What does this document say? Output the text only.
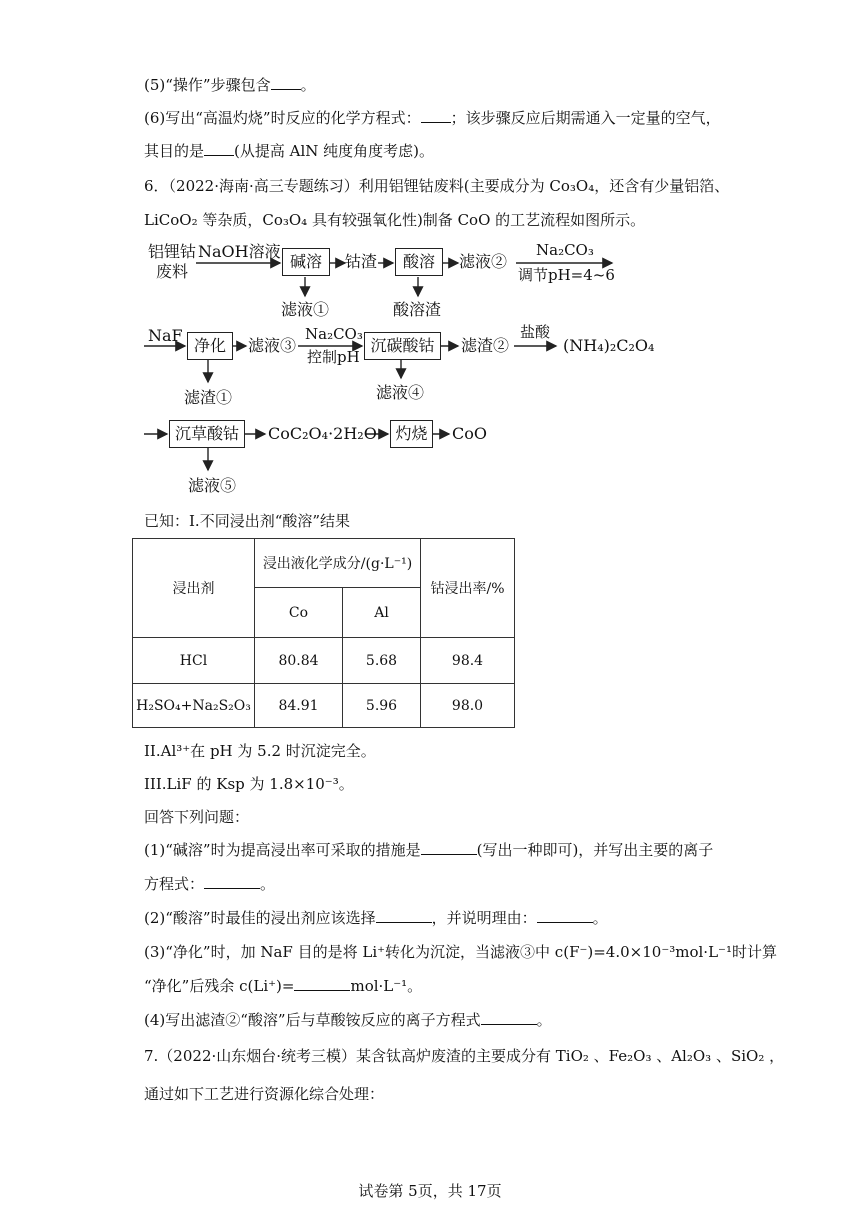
(5)“操作”步骤包含 。
(6)写出“高温灼烧”时反应的化学方程式： ；该步骤反应后期需通入一定量的空气，
其目的是 (从提高 AlN 纯度角度考虑)。
6．（2022·海南·高三专题练习）利用铝锂钴废料(主要成分为 Co₃O₄，还含有少量铝箔、
LiCoO₂ 等杂质，Co₃O₄ 具有较强氧化性)制备 CoO 的工艺流程如图所示。
铝锂钴
废料
NaOH溶液
碱溶	钴渣	酸溶	滤液②
Na₂CO₃
调节pH=4~6
滤液①	酸溶渣
NaF
净化	滤液③
Na₂CO₃
控制pH
沉碳酸钴	滤渣②
盐酸
(NH₄)₂C₂O₄
滤渣①	滤液④
沉草酸钴	CoC₂O₄·2H₂O	灼烧	CoO
滤液⑤
已知：I.不同浸出剂“酸溶”结果
浸出剂	浸出液化学成分/(g·L⁻¹)		钴浸出率/%
	Co	Al	
HCl	80.84	5.68	98.4
H₂SO₄+Na₂S₂O₃	84.91	5.96	98.0
II.Al³⁺在 pH 为 5.2 时沉淀完全。
III.LiF 的 Ksp 为 1.8×10⁻³。
回答下列问题：
(1)“碱溶”时为提高浸出率可采取的措施是	(写出一种即可)，并写出主要的离子
方程式：	。
(2)“酸溶”时最佳的浸出剂应该选择	，并说明理由：	。
(3)“净化”时，加 NaF 目的是将 Li⁺转化为沉淀，当滤液③中 c(F⁻)=4.0×10⁻³mol·L⁻¹时计算
“净化”后残余 c(Li⁺)=	mol·L⁻¹。
(4)写出滤渣②“酸溶”后与草酸铵反应的离子方程式	。
7.（2022·山东烟台·统考三模）某含钛高炉废渣的主要成分有 TiO₂ 、Fe₂O₃ 、Al₂O₃ 、SiO₂ ，
通过如下工艺进行资源化综合处理：
试卷第 5页，共 17页
